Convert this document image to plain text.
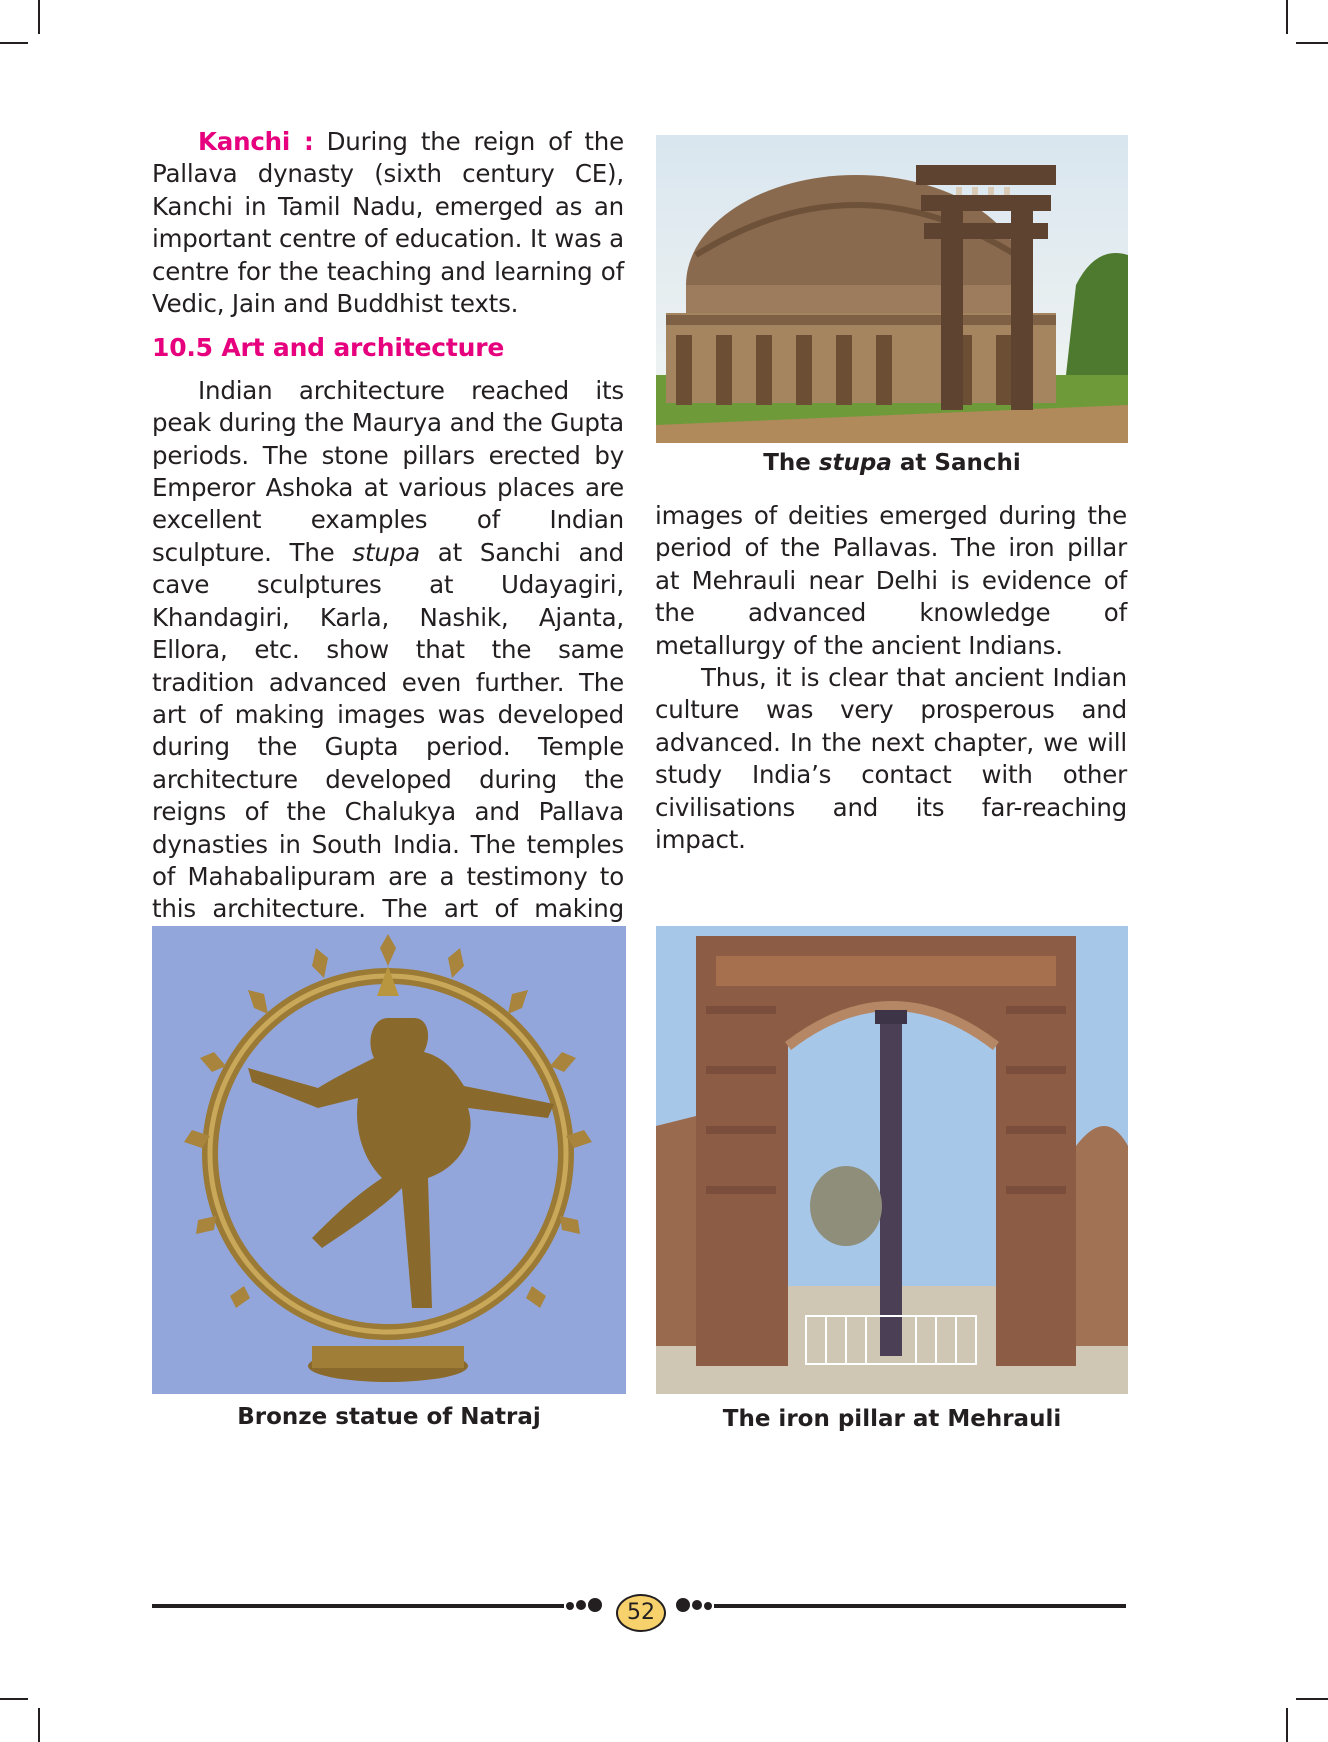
Kanchi : During the reign of the Pallava dynasty (sixth century CE), Kanchi in Tamil Nadu, emerged as an important centre of education. It was a centre for the teaching and learning of Vedic, Jain and Buddhist texts.

10.5 Art and architecture

Indian architecture reached its peak during the Maurya and the Gupta periods. The stone pillars erected by Emperor Ashoka at various places are excellent examples of Indian sculpture. The stupa at Sanchi and cave sculptures at Udayagiri, Khandagiri, Karla, Nashik, Ajanta, Ellora, etc. show that the same tradition advanced even further. The art of making images was developed during the Gupta period. Temple architecture developed during the reigns of the Chalukya and Pallava dynasties in South India. The temples of Mahabalipuram are a testimony to this architecture. The art of making

The stupa at Sanchi

images of deities emerged during the period of the Pallavas. The iron pillar at Mehrauli near Delhi is evidence of the advanced knowledge of metallurgy of the ancient Indians.

Thus, it is clear that ancient Indian culture was very prosperous and advanced. In the next chapter, we will study India’s contact with other civilisations and its far-reaching impact.

Bronze statue of Natraj	The iron pillar at Mehrauli
52
